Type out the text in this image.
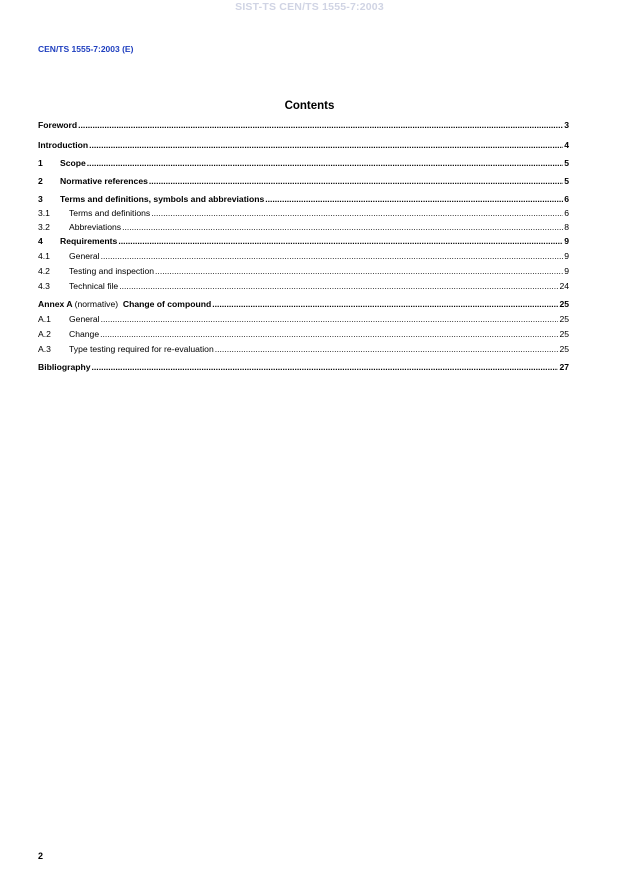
SIST-TS CEN/TS 1555-7:2003
CEN/TS 1555-7:2003 (E)
Contents
Foreword .....	3
Introduction .....	4
1	Scope .....	5
2	Normative references .....	5
3	Terms and definitions, symbols and abbreviations .....	6
3.1	Terms and definitions .....	6
3.2	Abbreviations .....	8
4	Requirements .....	9
4.1	General .....	9
4.2	Testing and inspection .....	9
4.3	Technical file .....	24
Annex A (normative) Change of compound .....	25
A.1	General .....	25
A.2	Change .....	25
A.3	Type testing required for re-evaluation .....	25
Bibliography .....	27
2
